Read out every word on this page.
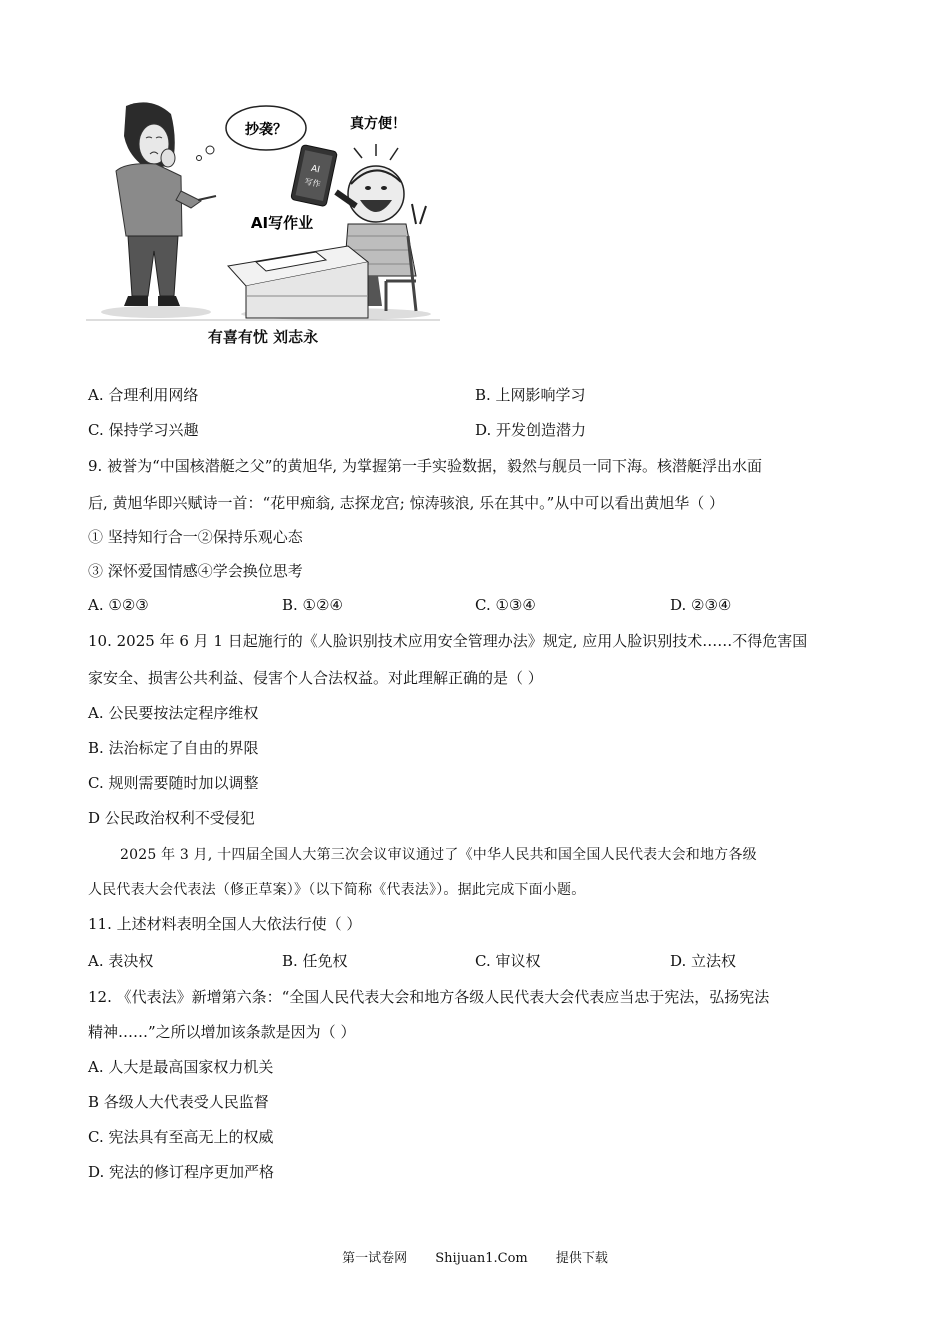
抄袭？	真方便！
AI
写作
AI写作业
有喜有忧 刘志永
A. 合理利用网络	B. 上网影响学习
C. 保持学习兴趣	D. 开发创造潜力
9. 被誉为“中国核潜艇之父”的黄旭华, 为掌握第一手实验数据，毅然与舰员一同下海。核潜艇浮出水面
后, 黄旭华即兴赋诗一首：“花甲痴翁, 志探龙宫; 惊涛骇浪, 乐在其中。”从中可以看出黄旭华（ ）
① 坚持知行合一②保持乐观心态
③ 深怀爱国情感④学会换位思考
A. ①②③	B. ①②④	C. ①③④	D. ②③④
10. 2025 年 6 月 1 日起施行的《人脸识别技术应用安全管理办法》规定, 应用人脸识别技术……不得危害国
家安全、损害公共利益、侵害个人合法权益。对此理解正确的是（ ）
A. 公民要按法定程序维权
B. 法治标定了自由的界限
C. 规则需要随时加以调整
D 公民政治权利不受侵犯
2025 年 3 月, 十四届全国人大第三次会议审议通过了《中华人民共和国全国人民代表大会和地方各级
人民代表大会代表法（修正草案）》（以下简称《代表法》）。据此完成下面小题。
11. 上述材料表明全国人大依法行使（ ）
A. 表决权	B. 任免权	C. 审议权	D. 立法权
12. 《代表法》新增第六条：“全国人民代表大会和地方各级人民代表大会代表应当忠于宪法，弘扬宪法
精神……”之所以增加该条款是因为（ ）
A. 人大是最高国家权力机关
B 各级人大代表受人民监督
C. 宪法具有至高无上的权威
D. 宪法的修订程序更加严格
第一试卷网 Shijuan1.Com 提供下载
